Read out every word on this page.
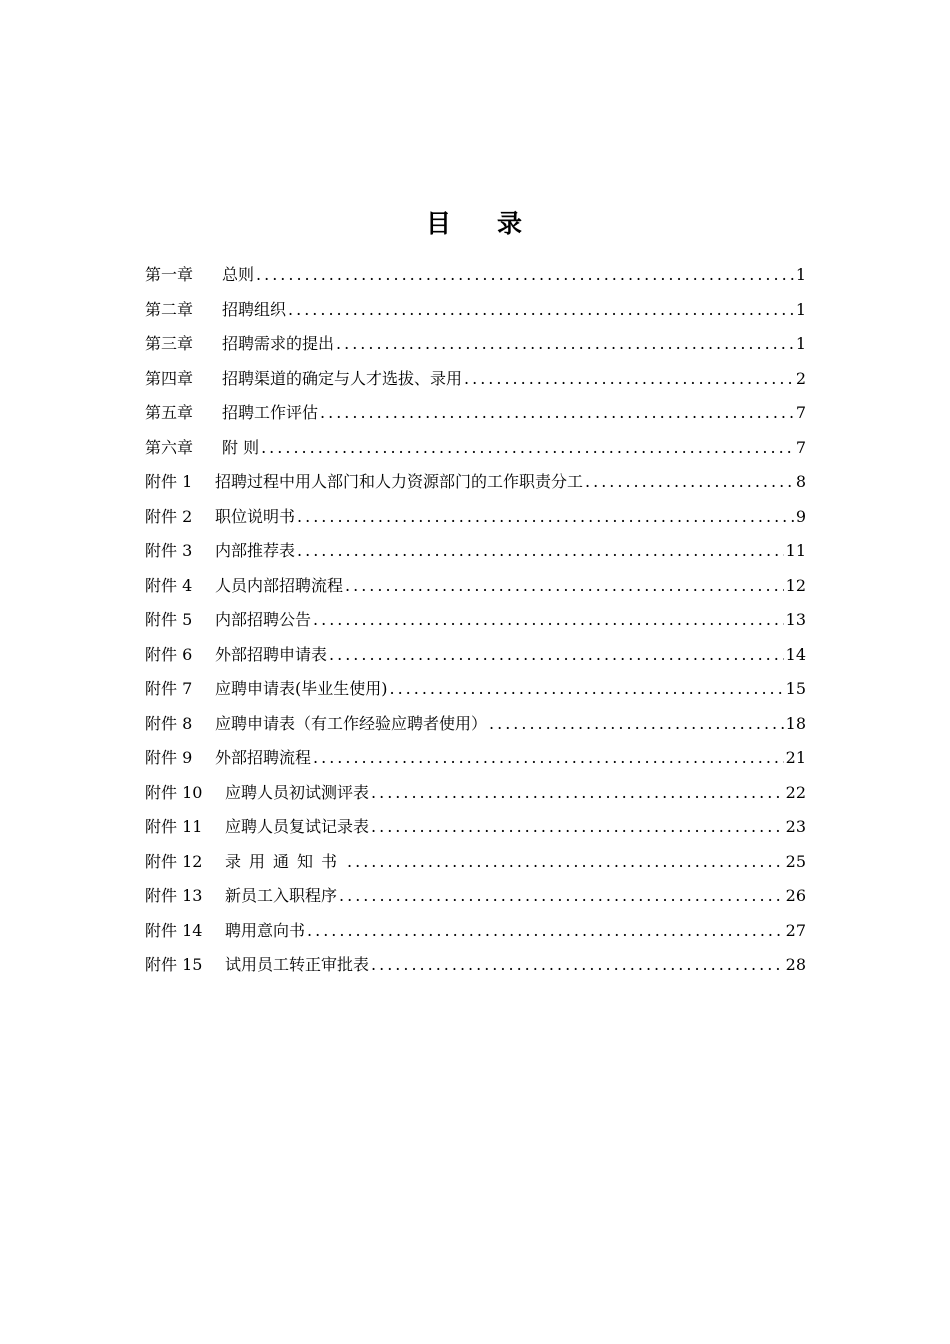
目 录
第一章	总则 .....	1
第二章	招聘组织 .....	1
第三章	招聘需求的提出 .....	1
第四章	招聘渠道的确定与人才选拔、录用 .....	2
第五章	招聘工作评估 .....	7
第六章	附 则 .....	7
附件 1	招聘过程中用人部门和人力资源部门的工作职责分工 .....	8
附件 2	职位说明书 .....	9
附件 3	内部推荐表 .....	11
附件 4	人员内部招聘流程 .....	12
附件 5	内部招聘公告 .....	13
附件 6	外部招聘申请表 .....	14
附件 7	应聘申请表(毕业生使用) .....	15
附件 8	应聘申请表（有工作经验应聘者使用） .....	18
附件 9	外部招聘流程 .....	21
附件 10	应聘人员初试测评表 .....	22
附件 11	应聘人员复试记录表 .....	23
附件 12	录用通知书 .....	25
附件 13	新员工入职程序 .....	26
附件 14	聘用意向书 .....	27
附件 15	试用员工转正审批表 .....	28
